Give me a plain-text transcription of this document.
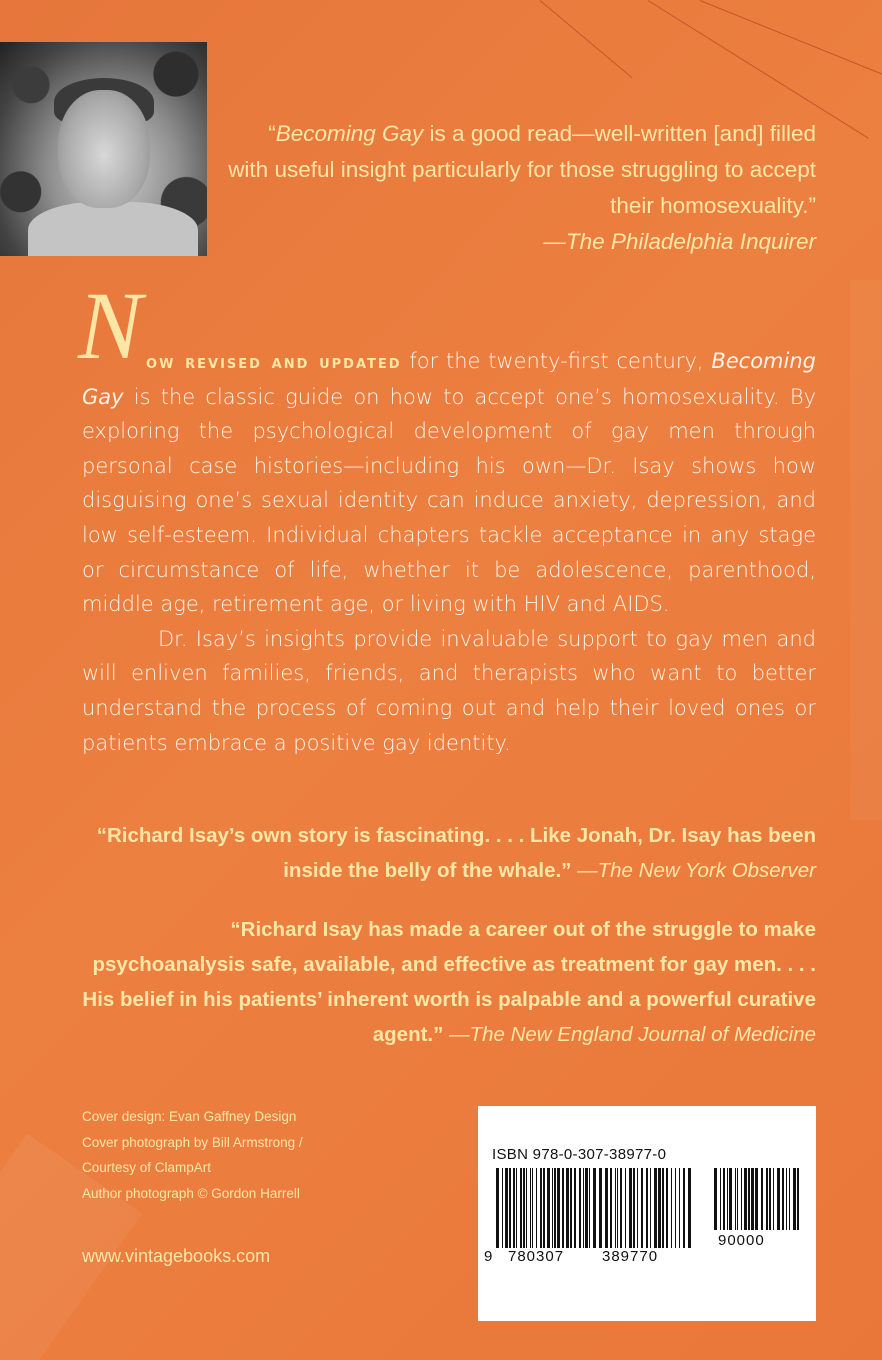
“Becoming Gay is a good read—well-written [and] filled with useful insight particularly for those struggling to accept their homosexuality.”
—The Philadelphia Inquirer

Now revised and updated for the twenty-first century, Becoming Gay is the classic guide on how to accept one’s homosexuality. By exploring the psychological development of gay men through personal case histories—including his own—Dr. Isay shows how disguising one’s sexual identity can induce anxiety, depression, and low self-esteem. Individual chapters tackle acceptance in any stage or circumstance of life, whether it be adolescence, parenthood, middle age, retirement age, or living with HIV and AIDS.

Dr. Isay’s insights provide invaluable support to gay men and will enliven families, friends, and therapists who want to better understand the process of coming out and help their loved ones or patients embrace a positive gay identity.

“Richard Isay’s own story is fascinating. . . . Like Jonah, Dr. Isay has been inside the belly of the whale.” —The New York Observer
“Richard Isay has made a career out of the struggle to make psychoanalysis safe, available, and effective as treatment for gay men. . . . His belief in his patients’ inherent worth is palpable and a powerful curative agent.” —The New England Journal of Medicine
Cover design: Evan Gaffney Design
Cover photograph by Bill Armstrong /
Courtesy of ClampArt
Author photograph © Gordon Harrell
www.vintagebooks.com
ISBN 978-0-307-38977-0
9 780307	389770
90000
